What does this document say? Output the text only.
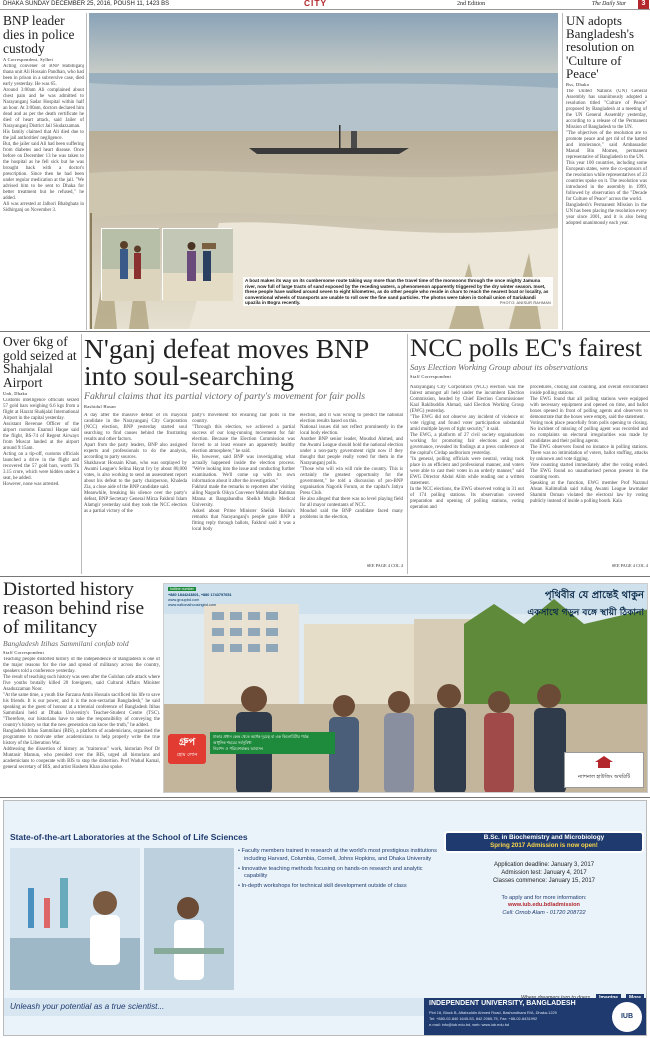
DHAKA SUNDAY DECEMBER 25, 2016, POUSH 11, 1423 BS	CITY	2nd Edition	The Daily Star	3
BNP leader dies in police custody
A Correspondent, Sylhet
Acting convener of BNP Habibiganj thana unit Ali Hossain Pandhan, who had been in prison in a subversive case, died early yesterday. He was 65.
Around 3:00am Ali complained about chest pain and he was admitted to Narayanganj Sadar Hospital within half an hour. At 3:00am, doctors declared him dead and as per the death certificate he died of heart attack, said Jailer of Narayanganj District Jail Siudazzaman.
His family claimed that Ali died due to the jail authorities' negligence.
But, the jailer said Ali had been suffering from diabetes and heart disease. Once before on December 13 he was taken to the hospital as he fell sick but he was brought back with a doctor's prescription. Since then he had been under regular medication at the jail. "We advised him to be sent to Dhaka for better treatment but he refused," he added.
Ali was arrested at Jalhori Bhabghata in Sidhirganj on November 3.
A boat makes its way on its cumbersome route taking way more than the travel time of the monsoons through the once mighty Jamuna river, now full of large tracts of sand exposed by the receding waters, a phenomenon apparently triggered by the dry winter season. Inset, these people have walked around seven to eight kilometres, as do other people who reside in chars to reach the nearest boat or locality, as conventional wheels of transports are unable to roll over the fine sand particles. The photos were taken in Gohail union of Sariakandi upazila in Bogra recently.	PHOTO: ANISUR RAHMAN
UN adopts Bangladesh's resolution on 'Culture of Peace'
Bss, Dhaka
The United Nations (UN) General Assembly has unanimously adopted a resolution titled "Culture of Peace" proposed by Bangladesh at a meeting of the UN General Assembly yesterday, according to a release of the Permanent Mission of Bangladesh to the UN.
"The objectives of the resolution are to promote peace and get rid of the hatred and intolerance," said Ambassador Masud Bin Momen, permanent representative of Bangladesh to the UN.
This year 100 countries, including some European states, were the co-sponsors of the resolution while representatives of 23 countries spoke on it. The resolution was introduced in the assembly in 1999, followed by observation of the "Decade for Culture of Peace" across the world.
Bangladesh's Permanent Mission in the UN has been placing the resolution every year since 2001, and it is also being adopted unanimously each year.
Over 6kg of gold seized at Shahjalal Airport
Unb, Dhaka
Customs intelligence officials seized 57 gold bars weighing 6.6 kgs from a flight at Hazrat Shahjalal International Airport in the capital yesterday.
Assistant Revenue Officer of the airport customs Enamul Haque said the flight, BS-74 of Regent Airways from Muscat landed at the airport around 9:15am.
Acting on a tip-off, customs officials launched a drive in the flight and recovered the 57 gold bars, worth Tk 3.15 crore, which were hidden under a seat, he added.
However, none was arrested.
N'ganj defeat moves BNP into soul-searching
Fakhrul claims that its partial victory of party's movement for fair polls
Rashidul Hasan
A day after the massive defeat of its mayoral candidate in the Narayanganj City Corporation (NCC) election, BNP yesterday started soul searching to find causes behind the frustrating results and other factors.
Apart from the party leaders, BNP also assigned experts and professionals to do the analysis, according to party sources.
Shakhawat Hossain Khan, who was outplayed by Awami League's Selina Hayat Ivy by about 80,000 votes, is also working to send an assessment report about his defeat to the party chairperson, Khaleda Zia, a close aide of the BNP candidate said.
Meanwhile, breaking his silence over the party's defeat, BNP Secretary General Mirza Fakhrul Islam Alamgir yesterday said they took the NCC election as a partial victory of the
party's movement for ensuring fair polls in the country.
"Through this election, we achieved a partial success of our long-running movement for fair election. Because the Election Commission was forced to at least ensure an apparently healthy election atmosphere," he said.
He, however, said BNP was investigating what actually happened inside the election process. "We're looking into the issue and conducting further examination. We'll come up with its own information about it after the investigation."
Fakhrul made the remarks to reporters after visiting ailing Nagorik Oikya Convener Mahmudur Rahman Manna at Bangabandhu Sheikh Mujib Medical University.
Asked about Prime Minister Sheikh Hasina's remarks that Narayanganj's people gave BNP a fitting reply through ballots, Fakhrul said it was a local body
election, and it was wrong to predict the national election results based on this.
National issues did not reflect prominently in the local body election.
Another BNP senior leader, Moudud Ahmed, and the Awami League should hold the national election under a non-party government right now if they thought that people really voted for them in the Narayanganj polls.
"Those who will win will rule the country. This is certainly the greatest opportunity for the government," he told a discussion of pro-BNP organisation Nagorik Forum, at the capital's Jatiya Press Club.
He also alleged that there was no level playing field for all mayor contestants of NCC.
Moudud said the BNP candidate faced many problems in the election,
SEE PAGE 4 COL 4
NCC polls EC's fairest
Says Election Working Group about its observations
Staff Correspondent
Narayanganj City Corporation (NCC) election was the fairest amongst all held under the incumbent Election Commission, headed by Chief Election Commissioner Kazi Rakibuddin Ahmad, said Election Working Group (EWG) yesterday.
"The EWG did not observe any incident of violence or vote rigging and found voter participation substantial amid multiple layers of tight security," it said.
The EWG, a platform of 27 civil society organisations working for promoting fair elections and good governance, revealed its findings at a press conference at the capital's Cirdap auditorium yesterday.
"In general, polling officials were neutral, voting took place in an efficient and professional manner, and voters were able to cast their votes in an orderly manner," said EWG Director Abdul Alim while reading out a written statement.
In the NCC elections, the EWG observed voting in 31 out of 174 polling stations. Its observation covered preparation and opening of polling stations, voting operation and
procedures, closing and counting, and overall environment inside polling stations.
The EWG found that all polling stations were equipped with necessary equipment and opened on time, and ballot boxes opened in front of polling agents and observers to demonstrate that the boxes were empty, said the statement.
Voting took place peacefully from polls opening to closing. No incident of missing of polling agent was recorded and no complaints on electoral irregularities was made by candidates and their polling agents.
The EWG observers found no instance in polling stations. There was no intimidation of voters, ballot stuffing, attacks by unknown and vote rigging.
Vote counting started immediately after the voting ended. The EWG found no unauthorised person present in the counting room.
Speaking at the function, EWG member Prof Nazmul Ahsan Kalimullah said ruling Awami League lawmaker Shamim Osman violated the electoral law by voting publicly instead of inside a polling booth. Kala
SEE PAGE 4 COL 4
Distorted history reason behind rise of militancy
Bangladesh Itihas Sammilani confab told
Staff Correspondent
Teaching people distorted history of the independence of Bangladesh is one of the major reasons for the rise and spread of militancy across the country, speakers told a conference yesterday.
The result of teaching such history was seen after the Gulshan cafe attack where five youths brutally killed 20 foreigners, said Cultural Affairs Minister Asaduzzaman Noor.
"At the same time, a youth like Farzana Amin Hossain sacrificed his life to save his friends. It is our power, and it is the non-sectarian Bangladesh," he said speaking as the guest of honour at a triennial conference of Bangladesh Itihas Sammilani held at Dhaka University's Teacher-Student Centre (TSC). "Therefore, our historians have to take the responsibility of conveying the country's history so that the new generation can know the truth," he added.
Bangladesh Itihas Sammilani (BIS), a platform of academicians, organised the programme to motivate other academicians to help properly write the true history of the Liberation War.
Addressing the dissertion of history as "traitorous" work, historian Prof Dr Muntasir Mamun, who presided over the BIS, urged all historians and academicians to cooperate with BIS to stop the distortion. Prof Wadud Kamal, general secretary of BIS, and artist Hashem Khan also spoke.
hotline number
+880 1844243801, +880 1743797651
www.groupbd.com
www.nationalhousingbd.com
পৃথিবীর যে প্রান্তেই থাকুন
একসাথে গড়ুন বঙ্গে স্থায়ী ঠিকানা
গ্রুপ
হোম লোন
ঢাকার প্রধান কেন্দ্র থেকে অর্ধেক দূরত্বে বা এক কিলোমিটার পর্যন্ত
আধুনিক শহরের সর্বসুবিধা
নিরাপদ ও পরিবেশবান্ধব আবাসন
ন্যাশনাল হাউজিং অথরিটি
State-of-the-art Laboratories at the School of Life Sciences
• Faculty members trained in research at the world's most prestigious institutions including Harvard, Columbia, Cornell, Johns Hopkins, and Dhaka University
• Innovative teaching methods focusing on hands-on research and analytic capability
• In-depth workshops for technical skill development outside of class
B.Sc. in Biochemistry and Microbiology
Spring 2017 Admission is now open!
Application deadline: January 3, 2017
Admission test: January 4, 2017
Classes commence: January 15, 2017
To apply and for more information:
www.iub.edu.bd/admission
Cell: Ornob Alam - 01720 208722
Unleash your potential as a true scientist...
	INDEPENDENT UNIVERSITY, BANGLADESH
Plot 16, Block B, Aftabuddin Ahmed Road, Bashundhara R/A, Dhaka-1229
Tel: +880-02-840 1645-53, 842 2065-75, Fax: +88-02-8431992
e-mail: info@iub.edu.bd, web: www.iub.edu.bd
IUB
